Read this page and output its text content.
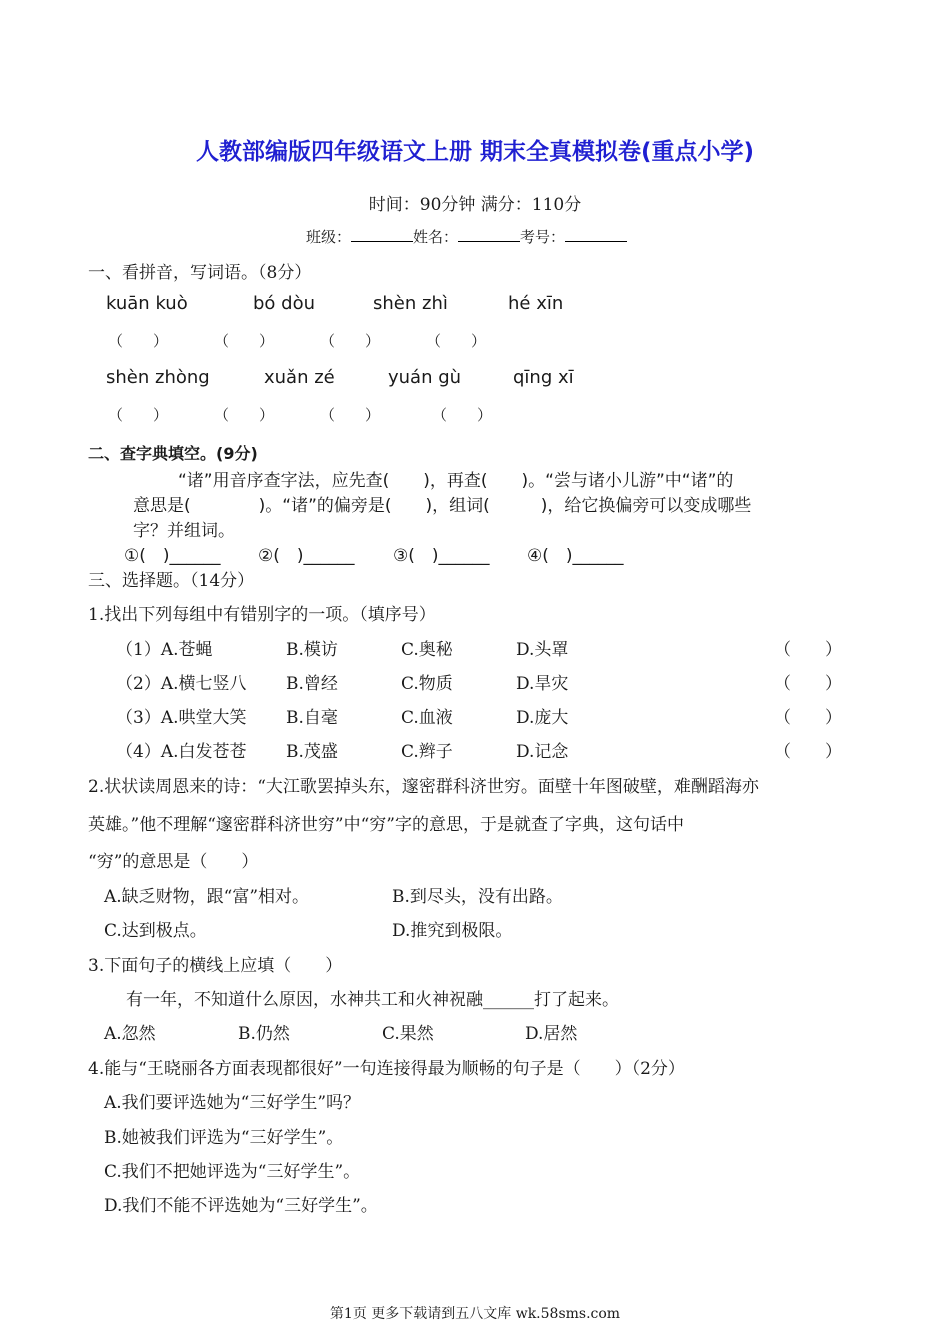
人教部编版四年级语文上册 期末全真模拟卷(重点小学)
时间：90分钟 满分：110分
班级：	姓名：	考号：
一、看拼音，写词语。（8分）
kuān kuò	bó dòu	shèn zhì	hé xīn
（　　）	（　　）	（　　）	（　　）
shèn zhòng	xuǎn zé	yuán gù	qīng xī
（　　）	（　　）	（　　）	（　　）
二、查字典填空。(9分)
“诸”用音序查字法，应先查(　　)，再查(　　)。“尝与诸小儿游”中“诸”的
意思是(　　　　)。“诸”的偏旁是(　　)，组词(　　　)，给它换偏旁可以变成哪些
字？并组词。
①(　)______ ②(　)______ ③(　)______ ④(　)______
三、选择题。（14分）
1.找出下列每组中有错别字的一项。（填序号）
（1）A.苍蝇	B.模访	C.奥秘	D.头罩	（　　）
（2）A.横七竖八 B.曾经	C.物质	D.旱灾	（　　）
（3）A.哄堂大笑 B.自毫	C.血液	D.庞大	（　　）
（4）A.白发苍苍 B.茂盛	C.辫子	D.记念	（　　）
2.状状读周恩来的诗：“大江歌罢掉头东，邃密群科济世穷。面壁十年图破壁，难酬蹈海亦
英雄。”他不理解“邃密群科济世穷”中“穷”字的意思，于是就查了字典，这句话中
“穷”的意思是（　　）
A.缺乏财物，跟“富”相对。	B.到尽头，没有出路。
C.达到极点。	D.推究到极限。
3.下面句子的横线上应填（　　）
有一年，不知道什么原因，水神共工和火神祝融______打了起来。
A.忽然	B.仍然	C.果然	D.居然
4.能与“王晓丽各方面表现都很好”一句连接得最为顺畅的句子是（　　）（2分）
A.我们要评选她为“三好学生”吗？
B.她被我们评选为“三好学生”。
C.我们不把她评选为“三好学生”。
D.我们不能不评选她为“三好学生”。
第1页 更多下载请到五八文库 wk.58sms.com
